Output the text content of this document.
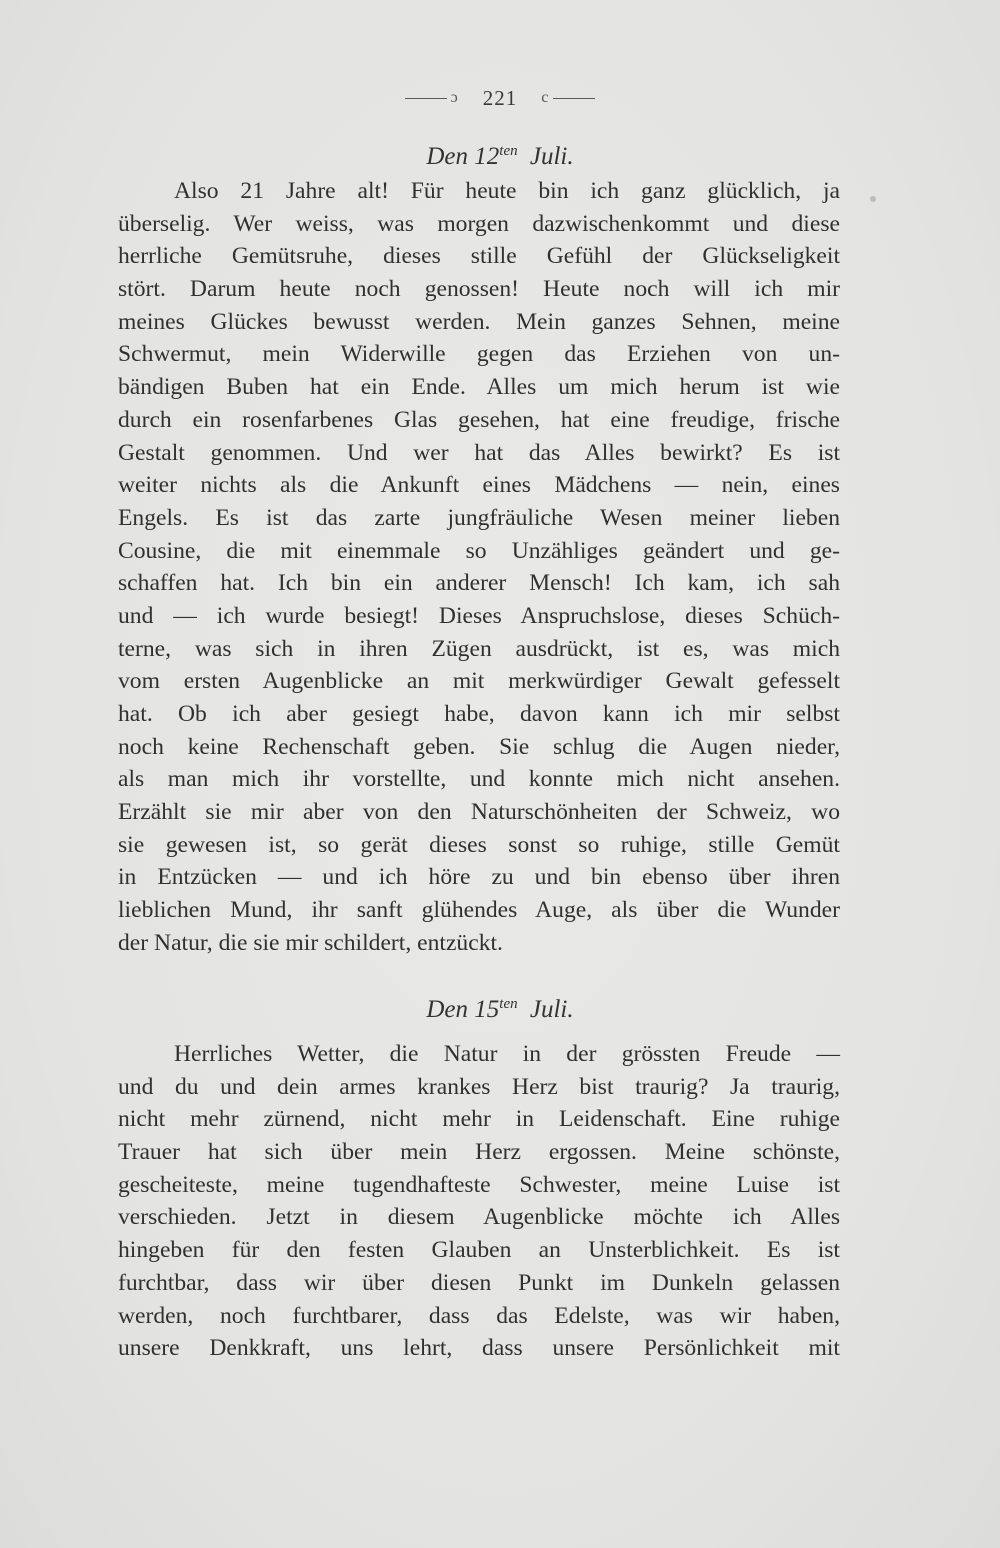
ɔ 221 c
Den $12^{ten}$ Juli.
Also 21 Jahre alt! Für heute bin ich ganz glücklich, ja
überselig. Wer weiss, was morgen dazwischenkommt und diese
herrliche Gemütsruhe, dieses stille Gefühl der Glückseligkeit
stört. Darum heute noch genossen! Heute noch will ich mir
meines Glückes bewusst werden. Mein ganzes Sehnen, meine
Schwermut, mein Widerwille gegen das Erziehen von un-
bändigen Buben hat ein Ende. Alles um mich herum ist wie
durch ein rosenfarbenes Glas gesehen, hat eine freudige, frische
Gestalt genommen. Und wer hat das Alles bewirkt? Es ist
weiter nichts als die Ankunft eines Mädchens — nein, eines
Engels. Es ist das zarte jungfräuliche Wesen meiner lieben
Cousine, die mit einemmale so Unzähliges geändert und ge-
schaffen hat. Ich bin ein anderer Mensch! Ich kam, ich sah
und — ich wurde besiegt! Dieses Anspruchslose, dieses Schüch-
terne, was sich in ihren Zügen ausdrückt, ist es, was mich
vom ersten Augenblicke an mit merkwürdiger Gewalt gefesselt
hat. Ob ich aber gesiegt habe, davon kann ich mir selbst
noch keine Rechenschaft geben. Sie schlug die Augen nieder,
als man mich ihr vorstellte, und konnte mich nicht ansehen.
Erzählt sie mir aber von den Naturschönheiten der Schweiz, wo
sie gewesen ist, so gerät dieses sonst so ruhige, stille Gemüt
in Entzücken — und ich höre zu und bin ebenso über ihren
lieblichen Mund, ihr sanft glühendes Auge, als über die Wunder
der Natur, die sie mir schildert, entzückt.
Den $15^{ten}$ Juli.
Herrliches Wetter, die Natur in der grössten Freude —
und du und dein armes krankes Herz bist traurig? Ja traurig,
nicht mehr zürnend, nicht mehr in Leidenschaft. Eine ruhige
Trauer hat sich über mein Herz ergossen. Meine schönste,
gescheiteste, meine tugendhafteste Schwester, meine Luise ist
verschieden. Jetzt in diesem Augenblicke möchte ich Alles
hingeben für den festen Glauben an Unsterblichkeit. Es ist
furchtbar, dass wir über diesen Punkt im Dunkeln gelassen
werden, noch furchtbarer, dass das Edelste, was wir haben,
unsere Denkkraft, uns lehrt, dass unsere Persönlichkeit mit
